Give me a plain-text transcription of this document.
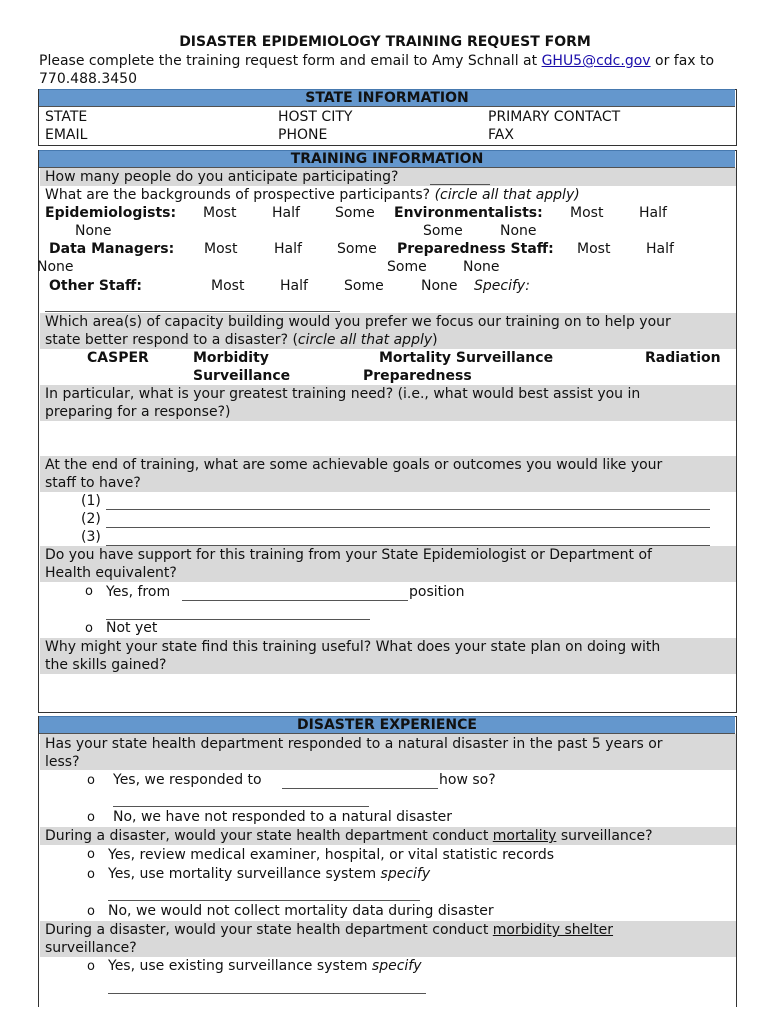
DISASTER EPIDEMIOLOGY TRAINING REQUEST FORM
Please complete the training request form and email to Amy Schnall at GHU5@cdc.gov or fax to 770.488.3450
STATE INFORMATION
STATE	HOST CITY	PRIMARY CONTACT
EMAIL	PHONE	FAX
TRAINING INFORMATION
How many people do you anticipate participating?
What are the backgrounds of prospective participants? (circle all that apply)
Epidemiologists: Most	Half	Some
None
Environmentalists: Most	Half
Some	None
Data Managers: Most	Half	Some
None
Preparedness Staff: Most	Half
Some	None
Other Staff:	Most	Half	Some	None Specify:
Which area(s) of capacity building would you prefer we focus our training on to help your
state better respond to a disaster? (circle all that apply)
CASPER	Morbidity
Surveillance
Mortality Surveillance	Radiation
Preparedness
In particular, what is your greatest training need? (i.e., what would best assist you in
preparing for a response?)
At the end of training, what are some achievable goals or outcomes you would like your
staff to have?
(1)
(2)
(3)
Do you have support for this training from your State Epidemiologist or Department of
Health equivalent?
o Yes, from	position
o Not yet
Why might your state find this training useful? What does your state plan on doing with
the skills gained?
DISASTER EXPERIENCE
Has your state health department responded to a natural disaster in the past 5 years or
less?
o Yes, we responded to	how so?
o No, we have not responded to a natural disaster
During a disaster, would your state health department conduct mortality surveillance?
o Yes, review medical examiner, hospital, or vital statistic records
o Yes, use mortality surveillance system specify
o No, we would not collect mortality data during disaster
During a disaster, would your state health department conduct morbidity shelter
surveillance?
o Yes, use existing surveillance system specify
